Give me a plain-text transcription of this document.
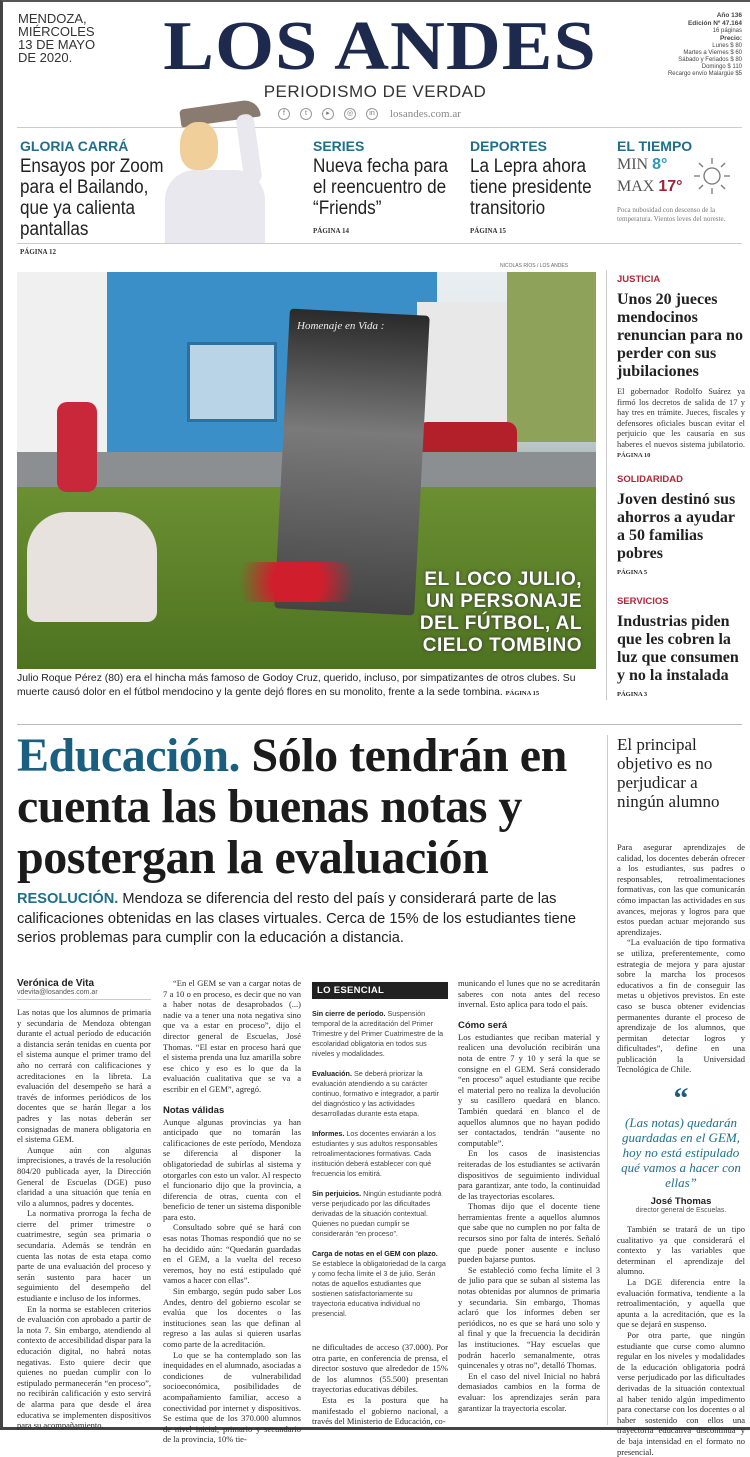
MENDOZA, MIÉRCOLES 13 DE MAYO DE 2020.	LOS ANDES
PERIODISMO DE VERDAD
f	t	▸	◎	in losandes.com.ar
Año 136
Edición Nº 47.164
16 páginas
Precio:
Lunes $ 80
Martes a Viernes $ 60
Sábado y Feriados $ 80
Domingo $ 110
Recargo envío Malargüe $5
GLORIA CARRÁ
Ensayos por Zoom para el Bailando, que ya calienta pantallas
PÁGINA 12
SERIES
Nueva fecha para el reencuentro de “Friends”
PÁGINA 14
DEPORTES
La Lepra ahora tiene presidente transitorio
PÁGINA 15
EL TIEMPO
MIN 8°
MAX 17°
Poca nubosidad con descenso de la temperatura. Vientos leves del noreste.
NICOLÁS RÍOS / LOS ANDES
Homenaje en Vida :
EL LOCO JULIO,
UN PERSONAJE
DEL FÚTBOL, AL
CIELO TOMBINO
Julio Roque Pérez (80) era el hincha más famoso de Godoy Cruz, querido, incluso, por simpatizantes de otros clubes. Su muerte causó dolor en el fútbol mendocino y la gente dejó flores en su monolito, frente a la sede tombina. PÁGINA 15
JUSTICIA
Unos 20 jueces mendocinos renuncian para no perder con sus jubilaciones
El gobernador Rodolfo Suárez ya firmó los decretos de salida de 17 y hay tres en trámite. Jueces, fiscales y defensores oficiales buscan evitar el perjuicio que les causaría en sus haberes el nuevos sistema jubilatorio. PÁGINA 10
SOLIDARIDAD
Joven destinó sus ahorros a ayudar a 50 familias pobres
PÁGINA 5
SERVICIOS
Industrias piden que les cobren la luz que consumen y no la instalada
PÁGINA 3
Educación. Sólo tendrán en cuenta las buenas notas y postergan la evaluación
RESOLUCIÓN. Mendoza se diferencia del resto del país y considerará parte de las calificaciones obtenidas en las clases virtuales. Cerca de 15% de los estudiantes tiene serios problemas para cumplir con la educación a distancia.
Verónica de Vita
vdevita@losandes.com.ar

Las notas que los alumnos de primaria y secundaria de Mendoza obtengan durante el actual período de educación a distancia serán tenidas en cuenta por el sistema aunque el primer tramo del año no cerrará con calificaciones y acreditaciones en la libreta. La evaluación del desempeño se hará a través de informes periódicos de los docentes que se harán llegar a los padres y las notas deberán ser consignadas de manera obligatoria en el sistema GEM.

Aunque aún con algunas imprecisiones, a través de la resolución 804/20 publicada ayer, la Dirección General de Escuelas (DGE) puso claridad a una situación que tenía en vilo a alumnos, padres y docentes.

La normativa prorroga la fecha de cierre del primer trimestre o cuatrimestre, según sea primaria o secundaria. Además se tendrán en cuenta las notas de esta etapa como parte de una evaluación del proceso y serán sustento para hacer un seguimiento del desempeño del estudiante e incluso de los informes.

En la norma se establecen criterios de evaluación con aprobado a partir de la nota 7. Sin embargo, atendiendo al contexto de accesibilidad dispar para la educación digital, no habrá notas negativas. Esto quiere decir que quienes no puedan cumplir con lo estipulado permanecerán “en proceso”, no recibirán calificación y esto servirá de alarma para que desde el área educativa se implementen dispositivos para su acompañamiento.

“En el GEM se van a cargar notas de 7 a 10 o en proceso, es decir que no van a haber notas de desaprobados (...) nadie va a tener una nota negativa sino que va a estar en proceso”, dijo el director general de Escuelas, José Thomas. “El estar en proceso hará que el sistema prenda una luz amarilla sobre ese chico y eso es lo que da la evaluación cualitativa que se va a escribir en el GEM”, agregó.

Notas válidas

Aunque algunas provincias ya han anticipado que no tomarán las calificaciones de este período, Mendoza se diferencia al disponer la obligatoriedad de subirlas al sistema y otorgarles con esto un valor. Al respecto el funcionario dijo que la provincia, a diferencia de otras, cuenta con el beneficio de tener un sistema disponible para esto.

Consultado sobre qué se hará con esas notas Thomas respondió que no se ha decidido aún: “Quedarán guardadas en el GEM, a la vuelta del receso veremos, hoy no está estipulado qué vamos a hacer con ellas”.

Sin embargo, según pudo saber Los Andes, dentro del gobierno escolar se evalúa que los docentes o las instituciones sean las que definan al regreso a las aulas si quieren usarlas como parte de la acreditación.

Lo que se ha contemplado son las inequidades en el alumnado, asociadas a condiciones de vulnerabilidad socioeconómica, posibilidades de acompañamiento familiar, acceso a conectividad por internet y dispositivos. Se estima que de los 370.000 alumnos de nivel inicial, primario y secundario de la provincia, 10% tie-

LO ESENCIAL
Sin cierre de período. Suspensión temporal de la acreditación del Primer Trimestre y del Primer Cuatrimestre de la escolaridad obligatoria en todos sus niveles y modalidades.
Evaluación. Se deberá priorizar la evaluación atendiendo a su carácter continuo, formativo e integrador, a partir del diagnóstico y las actividades desarrolladas durante esta etapa.
Informes. Los docentes enviarán a los estudiantes y sus adultos responsables retroalimentaciones formativas. Cada institución deberá establecer con qué frecuencia los emitirá.
Sin perjuicios. Ningún estudiante podrá verse perjudicado por las dificultades derivadas de la situación contextual. Quienes no puedan cumplir se considerarán “en proceso”.
Carga de notas en el GEM con plazo. Se establece la obligatoriedad de la carga y como fecha límite el 3 de julio. Serán notas de aquellos estudiantes que sostienen satisfactoriamente su trayectoria educativa individual no presencial.

ne dificultades de acceso (37.000). Por otra parte, en conferencia de prensa, el director sostuvo que alrededor de 15% de los alumnos (55.500) presentan trayectorias educativas débiles.

Esta es la postura que ha manifestado el gobierno nacional, a través del Ministerio de Educación, co-

municando el lunes que no se acreditarán saberes con nota antes del receso invernal. Esto aplica para todo el país.

Cómo será

Los estudiantes que reciban material y realicen una devolución recibirán una nota de entre 7 y 10 y será la que se consigne en el GEM. Será considerado “en proceso” aquel estudiante que recibe el material pero no realiza la devolución y su casillero quedará en blanco. También quedará en blanco el de aquellos alumnos que no hayan podido ser contactados, tendrán “ausente no computable”.

En los casos de inasistencias reiteradas de los estudiantes se activarán dispositivos de seguimiento individual para garantizar, ante todo, la continuidad de las trayectorias escolares.

Thomas dijo que el docente tiene herramientas frente a aquellos alumnos que sabe que no cumplen no por falta de recursos sino por falta de interés. Señaló que puede poner ausente e incluso pueden bajarse puntos.

Se estableció como fecha límite el 3 de julio para que se suban al sistema las notas obtenidas por alumnos de primaria y secundaria. Sin embargo, Thomas aclaró que los informes deben ser periódicos, no es que se hará uno solo y al final y que la frecuencia la decidirán las instituciones. “Hay escuelas que podrán hacerlo semanalmente, otras quincenales y otras no”, detalló Thomas.

En el caso del nivel Inicial no habrá demasiados cambios en la forma de evaluar: los aprendizajes serán para garantizar la trayectoria escolar.

El principal objetivo es no perjudicar a ningún alumno

Para asegurar aprendizajes de calidad, los docentes deberán ofrecer a los estudiantes, sus padres o responsables, retroalimentaciones formativas, con las que comunicarán cómo impactan las actividades en sus avances, mejoras y logros para que estos puedan actuar mejorando sus aprendizajes.

“La evaluación de tipo formativa se utiliza, preferentemente, como estrategia de mejora y para ajustar sobre la marcha los procesos educativos a fin de conseguir las metas u objetivos previstos. En este caso se busca obtener evidencias permanentes durante el proceso de aprendizaje de los alumnos, que permitan detectar logros y dificultades”, define en una publicación la Universidad Tecnológica de Chile.

“
(Las notas) quedarán guardadas en el GEM, hoy no está estipulado qué vamos a hacer con ellas”
José Thomas
director general de Escuelas.

También se tratará de un tipo cualitativo ya que considerará el contexto y las variables que determinan el aprendizaje del alumno.

La DGE diferencia entre la evaluación formativa, tendiente a la retroalimentación, y aquella que apunta a la acreditación, que es la que se dejará en suspenso.

Por otra parte, que ningún estudiante que curse como alumno regular en los niveles y modalidades de la educación obligatoria podrá verse perjudicado por las dificultades derivadas de la situación contextual al haber tenido algún impedimento para conectarse con los docentes o al haber sostenido con ellos una trayectoria educativa discontinua y de baja intensidad en el formato no presencial.
